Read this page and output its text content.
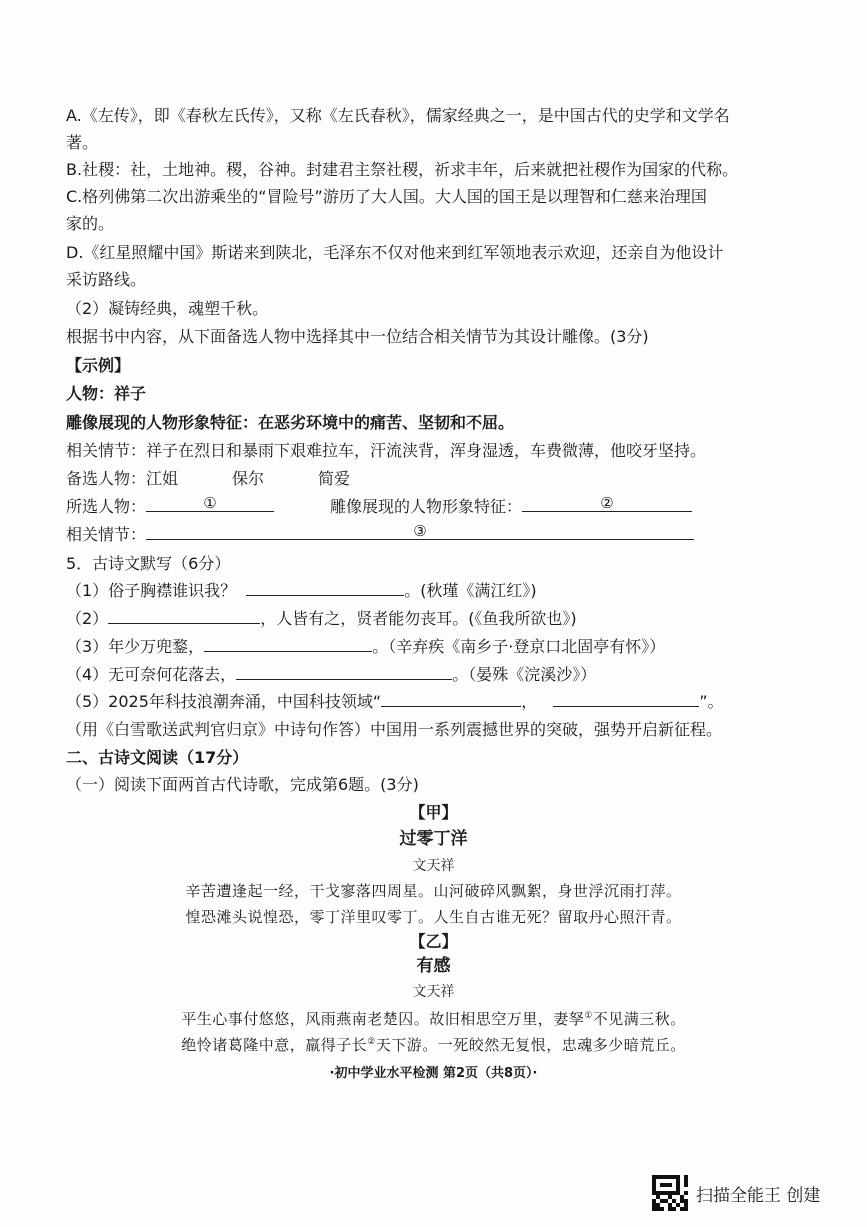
A.《左传》，即《春秋左氏传》，又称《左氏春秋》，儒家经典之一，是中国古代的史学和文学名
著。
B.社稷：社，土地神。稷，谷神。封建君主祭社稷，祈求丰年，后来就把社稷作为国家的代称。
C.格列佛第二次出游乘坐的“冒险号”游历了大人国。大人国的国王是以理智和仁慈来治理国
家的。
D.《红星照耀中国》斯诺来到陕北，毛泽东不仅对他来到红军领地表示欢迎，还亲自为他设计
采访路线。
（2）凝铸经典，魂塑千秋。
根据书中内容，从下面备选人物中选择其中一位结合相关情节为其设计雕像。(3分)
【示例】
人物：祥子
雕像展现的人物形象特征：在恶劣环境中的痛苦、坚韧和不屈。
相关情节：祥子在烈日和暴雨下艰难拉车，汗流浃背，浑身湿透，车费微薄，他咬牙坚持。
备选人物：江姐	保尔	简爱
所选人物：	①	雕像展现的人物形象特征：	②
相关情节：	③
5．古诗文默写（6分）
（1）俗子胸襟谁识我？	。(秋瑾《满江红》)
（2）	，人皆有之，贤者能勿丧耳。(《鱼我所欲也》)
（3）年少万兜鍪，	。（辛弃疾《南乡子·登京口北固亭有怀》）
（4）无可奈何花落去，	。（晏殊《浣溪沙》）
（5）2025年科技浪潮奔涌，中国科技领域“	，	”。
（用《白雪歌送武判官归京》中诗句作答）中国用一系列震撼世界的突破，强势开启新征程。
二、古诗文阅读（17分）
（一）阅读下面两首古代诗歌，完成第6题。(3分)
【甲】
过零丁洋
文天祥
辛苦遭逢起一经，干戈寥落四周星。山河破碎风飘絮，身世浮沉雨打萍。
惶恐滩头说惶恐，零丁洋里叹零丁。人生自古谁无死？留取丹心照汗青。
【乙】
有感
文天祥
平生心事付悠悠，风雨燕南老楚囚。故旧相思空万里，妻孥①不见满三秋。
绝怜诸葛隆中意，羸得子长②天下游。一死皎然无复恨，忠魂多少暗荒丘。
·初中学业水平检测 第2页（共8页）·
扫描全能王 创建
